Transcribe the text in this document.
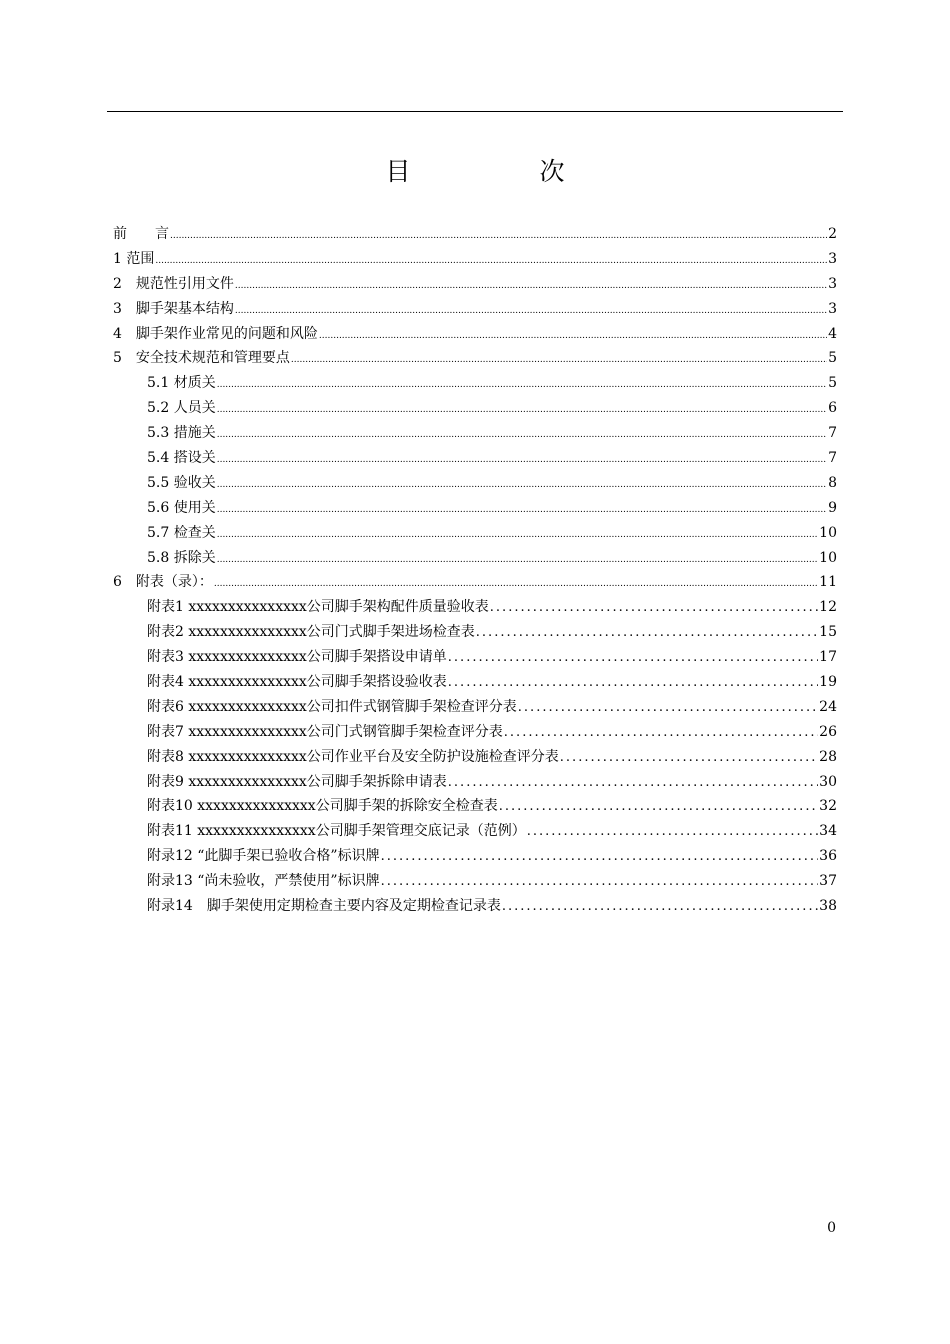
目　次
前　　言 .....	2
1 范围 .....	3
2　规范性引用文件 .....	3
3　脚手架基本结构 .....	3
4　脚手架作业常见的问题和风险 .....	4
5　安全技术规范和管理要点 .....	5
5.1 材质关 .....	5
5.2 人员关 .....	6
5.3 措施关 .....	7
5.4 搭设关 .....	7
5.5 验收关 .....	8
5.6 使用关 .....	9
5.7 检查关 .....	10
5.8 拆除关 .....	10
6　附表（录）： .....	11
附表1 xxxxxxxxxxxxxxx公司脚手架构配件质量验收表 .....	12
附表2 xxxxxxxxxxxxxxx公司门式脚手架进场检查表 .....	15
附表3 xxxxxxxxxxxxxxx公司脚手架搭设申请单 .....	17
附表4 xxxxxxxxxxxxxxx公司脚手架搭设验收表 .....	19
附表6 xxxxxxxxxxxxxxx公司扣件式钢管脚手架检查评分表 .....	24
附表7 xxxxxxxxxxxxxxx公司门式钢管脚手架检查评分表 .....	26
附表8 xxxxxxxxxxxxxxx公司作业平台及安全防护设施检查评分表 .....	28
附表9 xxxxxxxxxxxxxxx公司脚手架拆除申请表 .....	30
附表10 xxxxxxxxxxxxxxx公司脚手架的拆除安全检查表 .....	32
附表11 xxxxxxxxxxxxxxx公司脚手架管理交底记录（范例） .....	34
附录12 “此脚手架已验收合格”标识牌 .....	36
附录13 “尚未验收，严禁使用”标识牌 .....	37
附录14　脚手架使用定期检查主要内容及定期检查记录表 .....	38
0
